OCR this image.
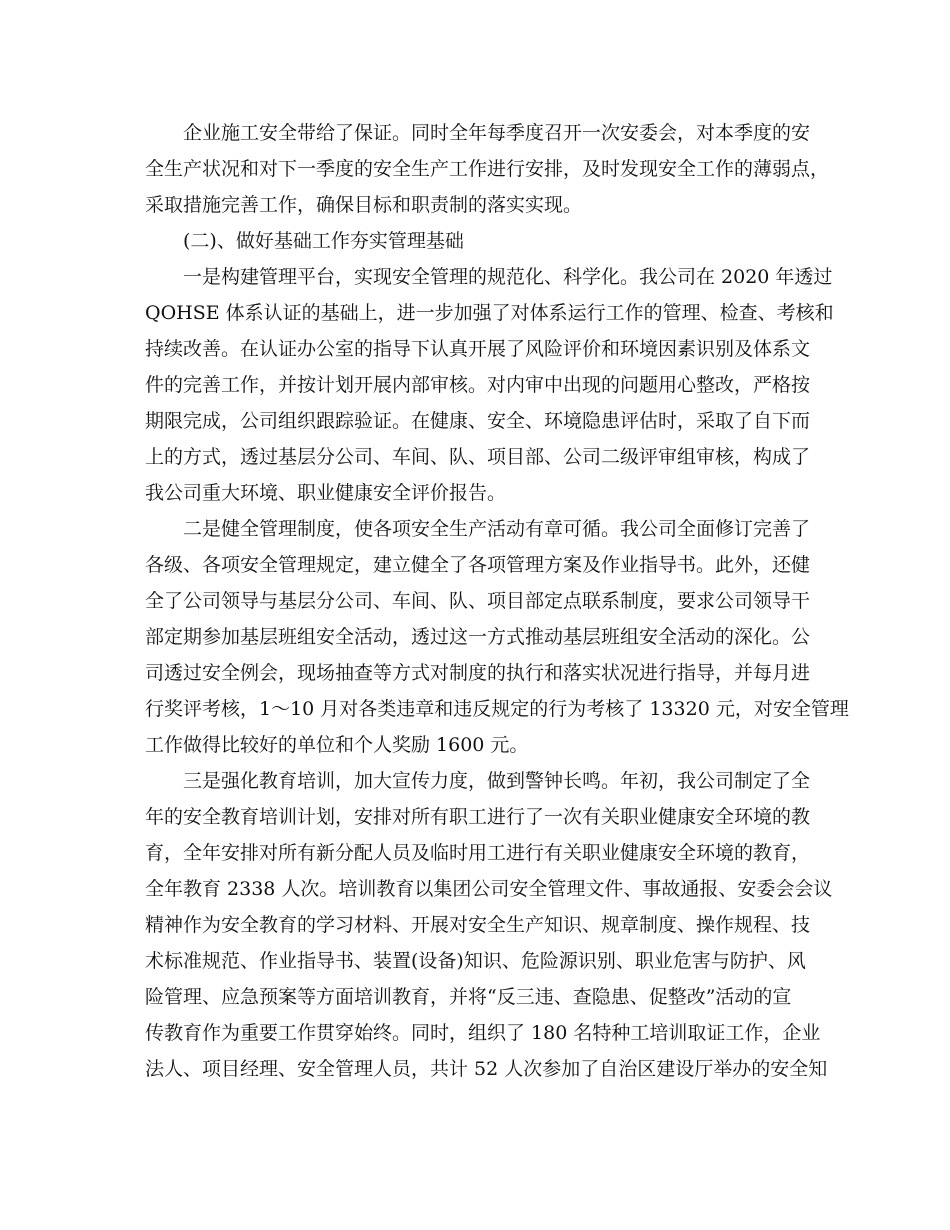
企业施工安全带给了保证。同时全年每季度召开一次安委会，对本季度的安
全生产状况和对下一季度的安全生产工作进行安排，及时发现安全工作的薄弱点，
采取措施完善工作，确保目标和职责制的落实实现。
(二)、做好基础工作夯实管理基础
一是构建管理平台，实现安全管理的规范化、科学化。我公司在 2020 年透过
QOHSE 体系认证的基础上，进一步加强了对体系运行工作的管理、检查、考核和
持续改善。在认证办公室的指导下认真开展了风险评价和环境因素识别及体系文
件的完善工作，并按计划开展内部审核。对内审中出现的问题用心整改，严格按
期限完成，公司组织跟踪验证。在健康、安全、环境隐患评估时，采取了自下而
上的方式，透过基层分公司、车间、队、项目部、公司二级评审组审核，构成了
我公司重大环境、职业健康安全评价报告。
二是健全管理制度，使各项安全生产活动有章可循。我公司全面修订完善了
各级、各项安全管理规定，建立健全了各项管理方案及作业指导书。此外，还健
全了公司领导与基层分公司、车间、队、项目部定点联系制度，要求公司领导干
部定期参加基层班组安全活动，透过这一方式推动基层班组安全活动的深化。公
司透过安全例会，现场抽查等方式对制度的执行和落实状况进行指导，并每月进
行奖评考核，1～10 月对各类违章和违反规定的行为考核了 13320 元，对安全管理
工作做得比较好的单位和个人奖励 1600 元。
三是强化教育培训，加大宣传力度，做到警钟长鸣。年初，我公司制定了全
年的安全教育培训计划，安排对所有职工进行了一次有关职业健康安全环境的教
育，全年安排对所有新分配人员及临时用工进行有关职业健康安全环境的教育，
全年教育 2338 人次。培训教育以集团公司安全管理文件、事故通报、安委会会议
精神作为安全教育的学习材料、开展对安全生产知识、规章制度、操作规程、技
术标准规范、作业指导书、装置(设备)知识、危险源识别、职业危害与防护、风
险管理、应急预案等方面培训教育，并将“反三违、查隐患、促整改”活动的宣
传教育作为重要工作贯穿始终。同时，组织了 180 名特种工培训取证工作，企业
法人、项目经理、安全管理人员，共计 52 人次参加了自治区建设厅举办的安全知
